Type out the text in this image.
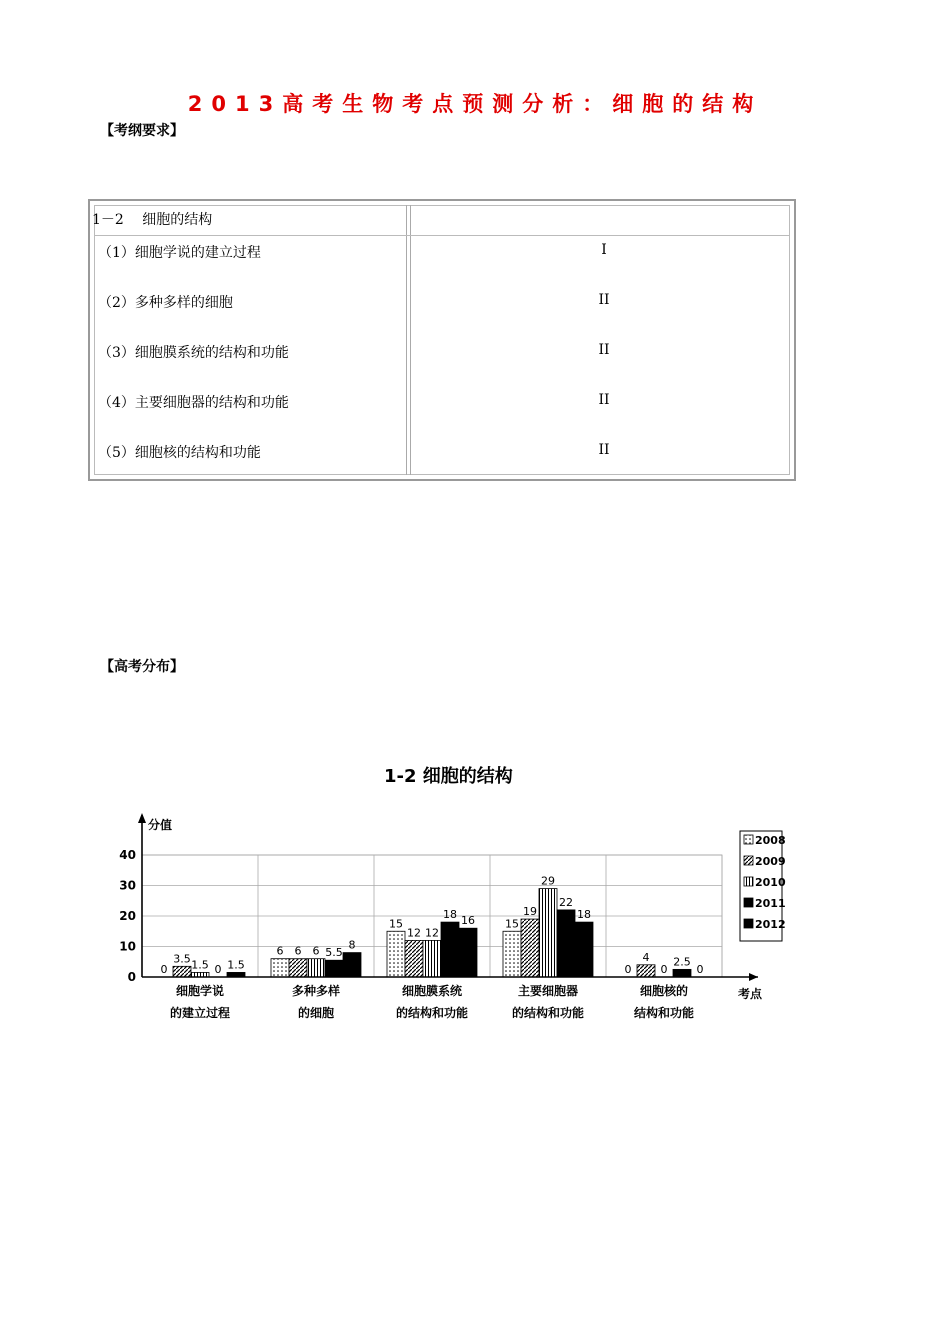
2013高考生物考点预测分析：细胞的结构
【考纲要求】
1－2　 细胞的结构
（1）细胞学说的建立过程	I
（2）多种多样的细胞	II
（3）细胞膜系统的结构和功能	II
（4）主要细胞器的结构和功能	II
（5）细胞核的结构和功能	II
【高考分布】
1-2 细胞的结构
0
10
20
30
40
分值
考点
0
3.5 1.5 0 1.5
细胞学说
的建立过程
6 6 6 5.5
8
多种多样
的细胞
15
12 12
18 16
细胞膜系统
的结构和功能
15
19
29
22
18
主要细胞器
的结构和功能
0
4
0
2.5
0
细胞核的
结构和功能
2008
2009
2010
2011
2012
